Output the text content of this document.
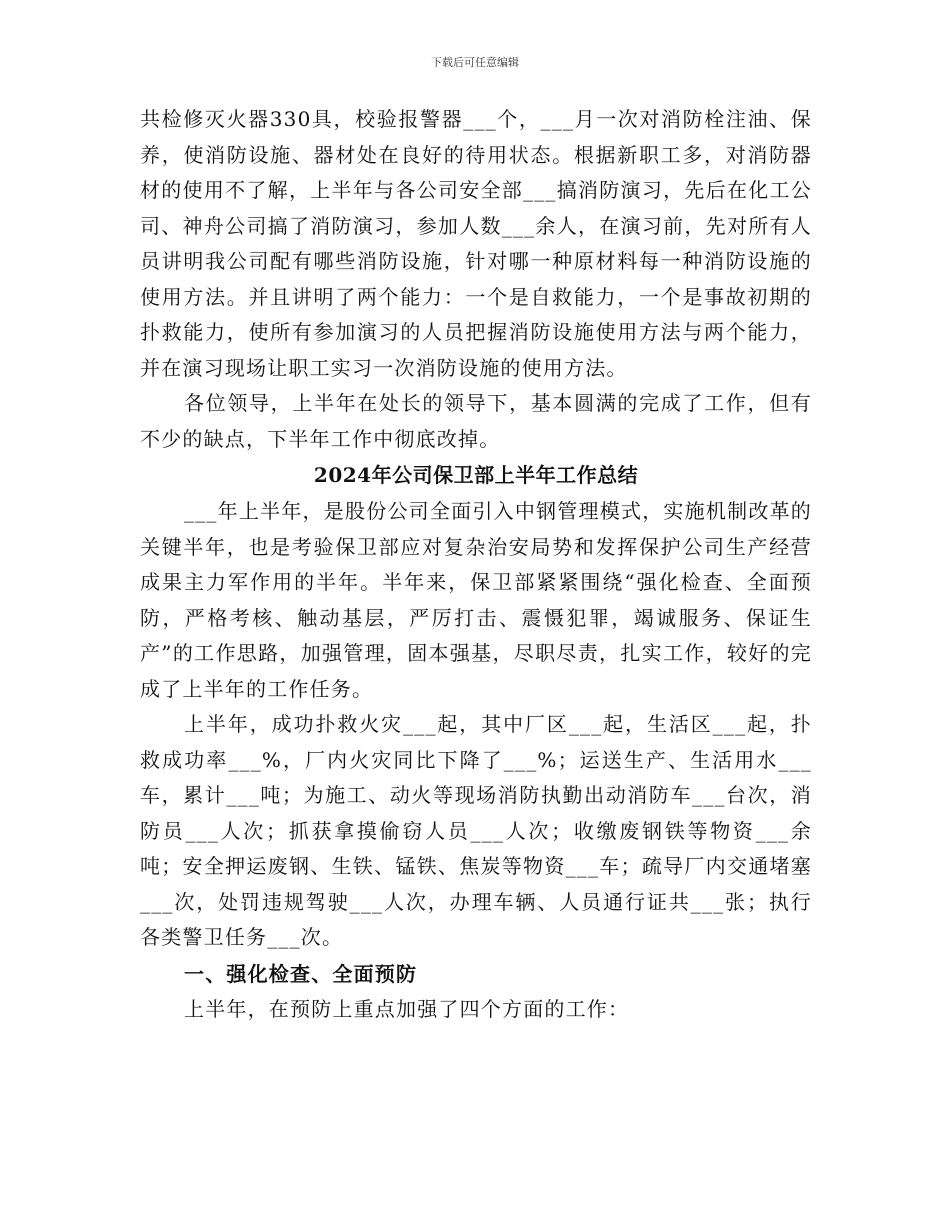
下载后可任意编辑

共检修灭火器330具，校验报警器___个，___月一次对消防栓注油、保养，使消防设施、器材处在良好的待用状态。根据新职工多，对消防器材的使用不了解，上半年与各公司安全部___搞消防演习，先后在化工公司、神舟公司搞了消防演习，参加人数___余人，在演习前，先对所有人员讲明我公司配有哪些消防设施，针对哪一种原材料每一种消防设施的使用方法。并且讲明了两个能力：一个是自救能力，一个是事故初期的扑救能力，使所有参加演习的人员把握消防设施使用方法与两个能力，并在演习现场让职工实习一次消防设施的使用方法。

各位领导，上半年在处长的领导下，基本圆满的完成了工作，但有不少的缺点，下半年工作中彻底改掉。

2024年公司保卫部上半年工作总结

___年上半年，是股份公司全面引入中钢管理模式，实施机制改革的关键半年，也是考验保卫部应对复杂治安局势和发挥保护公司生产经营成果主力军作用的半年。半年来，保卫部紧紧围绕“强化检查、全面预防，严格考核、触动基层，严厉打击、震慑犯罪，竭诚服务、保证生产”的工作思路，加强管理，固本强基，尽职尽责，扎实工作，较好的完成了上半年的工作任务。

上半年，成功扑救火灾___起，其中厂区___起，生活区___起，扑救成功率___%，厂内火灾同比下降了___%；运送生产、生活用水___车，累计___吨；为施工、动火等现场消防执勤出动消防车___台次，消防员___人次；抓获拿摸偷窃人员___人次；收缴废钢铁等物资___余吨；安全押运废钢、生铁、锰铁、焦炭等物资___车；疏导厂内交通堵塞___次，处罚违规驾驶___人次，办理车辆、人员通行证共___张；执行各类警卫任务___次。

一、强化检查、全面预防

上半年，在预防上重点加强了四个方面的工作：
